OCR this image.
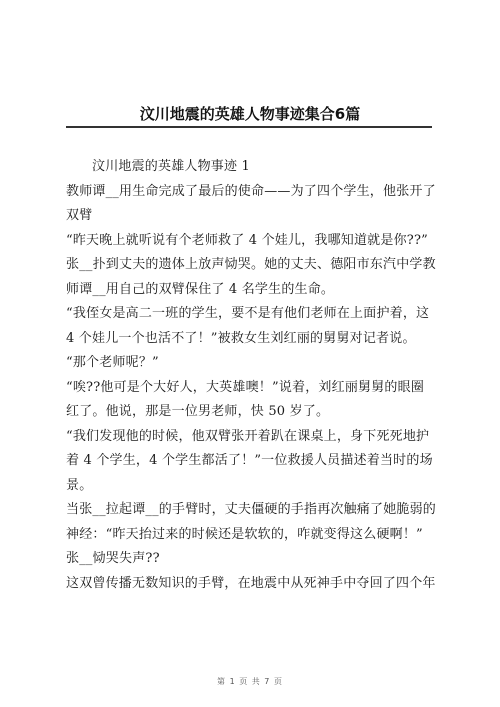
汶川地震的英雄人物事迹集合6篇
汶川地震的英雄人物事迹 1
教师谭__用生命完成了最后的使命——为了四个学生，他张开了
双臂
“昨天晚上就听说有个老师救了 4 个娃儿，我哪知道就是你??”
张__扑到丈夫的遗体上放声恸哭。她的丈夫、德阳市东汽中学教
师谭__用自己的双臂保住了 4 名学生的生命。
“我侄女是高二一班的学生，要不是有他们老师在上面护着，这
4 个娃儿一个也活不了！”被救女生刘红丽的舅舅对记者说。
“那个老师呢？”
“唉??他可是个大好人，大英雄噢！”说着，刘红丽舅舅的眼圈
红了。他说，那是一位男老师，快 50 岁了。
“我们发现他的时候，他双臂张开着趴在课桌上，身下死死地护
着 4 个学生，4 个学生都活了！”一位救援人员描述着当时的场
景。
当张__拉起谭__的手臂时，丈夫僵硬的手指再次触痛了她脆弱的
神经：“昨天抬过来的时候还是软软的，咋就变得这么硬啊！”
张__恸哭失声??
这双曾传播无数知识的手臂，在地震中从死神手中夺回了四个年
第 1 页 共 7 页
